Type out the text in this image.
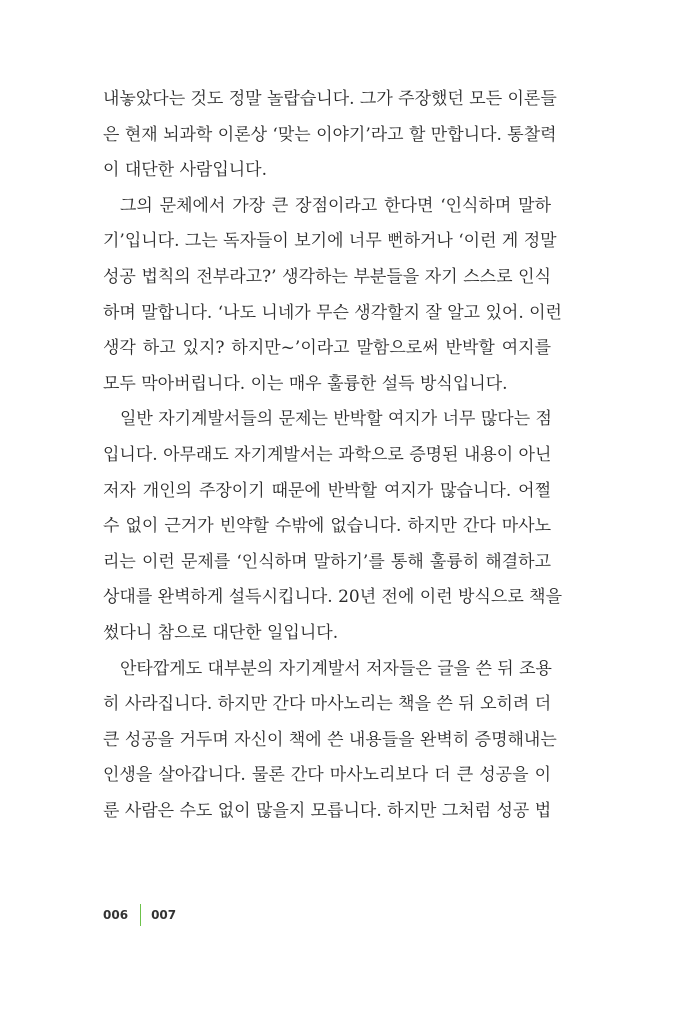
내놓았다는 것도 정말 놀랍습니다. 그가 주장했던 모든 이론들
은 현재 뇌과학 이론상 ‘맞는 이야기’라고 할 만합니다. 통찰력
이 대단한 사람입니다.
그의 문체에서 가장 큰 장점이라고 한다면 ‘인식하며 말하
기’입니다. 그는 독자들이 보기에 너무 뻔하거나 ‘이런 게 정말
성공 법칙의 전부라고?’ 생각하는 부분들을 자기 스스로 인식
하며 말합니다. ‘나도 니네가 무슨 생각할지 잘 알고 있어. 이런
생각 하고 있지? 하지만~’이라고 말함으로써 반박할 여지를
모두 막아버립니다. 이는 매우 훌륭한 설득 방식입니다.
일반 자기계발서들의 문제는 반박할 여지가 너무 많다는 점
입니다. 아무래도 자기계발서는 과학으로 증명된 내용이 아닌
저자 개인의 주장이기 때문에 반박할 여지가 많습니다. 어쩔
수 없이 근거가 빈약할 수밖에 없습니다. 하지만 간다 마사노
리는 이런 문제를 ‘인식하며 말하기’를 통해 훌륭히 해결하고
상대를 완벽하게 설득시킵니다. 20년 전에 이런 방식으로 책을
썼다니 참으로 대단한 일입니다.
안타깝게도 대부분의 자기계발서 저자들은 글을 쓴 뒤 조용
히 사라집니다. 하지만 간다 마사노리는 책을 쓴 뒤 오히려 더
큰 성공을 거두며 자신이 책에 쓴 내용들을 완벽히 증명해내는
인생을 살아갑니다. 물론 간다 마사노리보다 더 큰 성공을 이
룬 사람은 수도 없이 많을지 모릅니다. 하지만 그처럼 성공 법
006 007
